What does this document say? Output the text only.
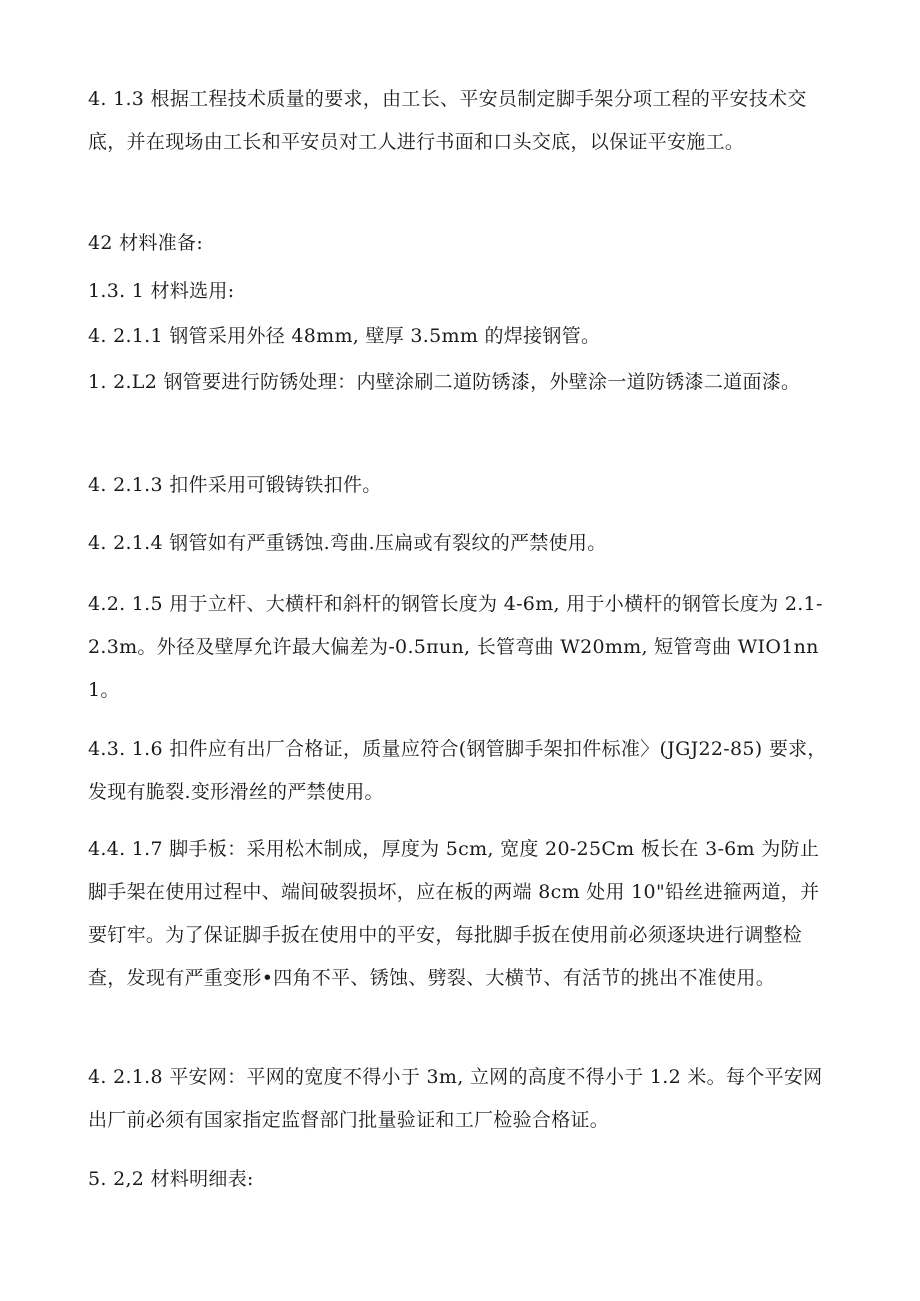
4. 1.3 根据工程技术质量的要求，由工长、平安员制定脚手架分项工程的平安技术交底，并在现场由工长和平安员对工人进行书面和口头交底，以保证平安施工。

42 材料准备:

1.3. 1 材料选用:

4. 2.1.1 钢管采用外径 48mm, 壁厚 3.5mm 的焊接钢管。

1. 2.L2 钢管要进行防锈处理：内壁涂刷二道防锈漆，外壁涂一道防锈漆二道面漆。

4. 2.1.3 扣件采用可锻铸铁扣件。

4. 2.1.4 钢管如有严重锈蚀.弯曲.压扁或有裂纹的严禁使用。

4.2. 1.5 用于立杆、大横杆和斜杆的钢管长度为 4-6m, 用于小横杆的钢管长度为 2.1-2.3m。外径及壁厚允许最大偏差为-0.5πun, 长管弯曲 W20mm, 短管弯曲 WIO1nn1。

4.3. 1.6 扣件应有出厂合格证，质量应符合(钢管脚手架扣件标准〉(JGJ22-85) 要求，发现有脆裂.变形滑丝的严禁使用。

4.4. 1.7 脚手板：采用松木制成，厚度为 5cm, 宽度 20-25Cm 板长在 3-6m 为防止脚手架在使用过程中、端间破裂损坏，应在板的两端 8cm 处用 10"铅丝进箍两道，并要钉牢。为了保证脚手扳在使用中的平安，每批脚手扳在使用前必须逐块进行调整检查，发现有严重变形•四角不平、锈蚀、劈裂、大横节、有活节的挑出不准使用。

4. 2.1.8 平安网：平网的宽度不得小于 3m, 立网的高度不得小于 1.2 米。每个平安网出厂前必须有国家指定监督部门批量验证和工厂检验合格证。

5. 2,2 材料明细表:
